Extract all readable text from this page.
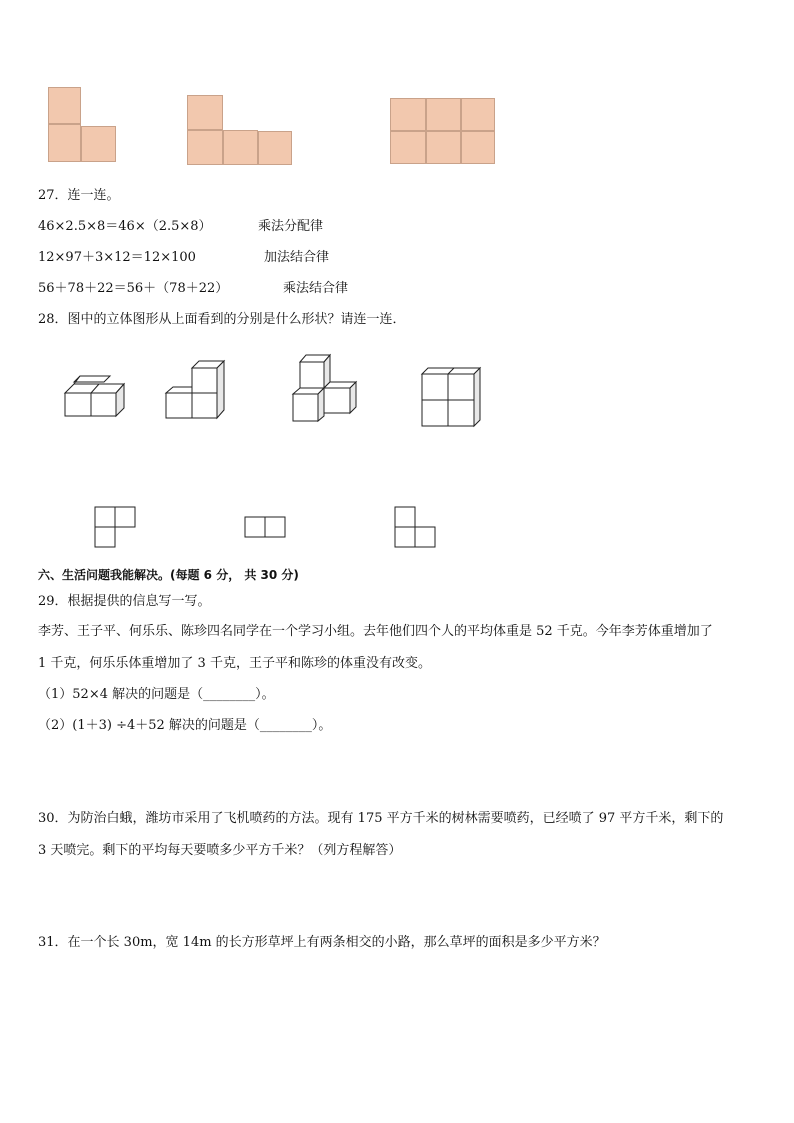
27．连一连。
46×2.5×8＝46×（2.5×8）	乘法分配律
12×97＋3×12＝12×100	加法结合律
56＋78＋22＝56＋（78＋22）	乘法结合律
28．图中的立体图形从上面看到的分别是什么形状？请连一连．
六、生活问题我能解决。(每题 6 分， 共 30 分)
29．根据提供的信息写一写。
李芳、王子平、何乐乐、陈珍四名同学在一个学习小组。去年他们四个人的平均体重是 52 千克。今年李芳体重增加了
1 千克，何乐乐体重增加了 3 千克，王子平和陈珍的体重没有改变。
（1）52×4 解决的问题是（________）。
（2）(1＋3) ÷4＋52 解决的问题是（________）。
30．为防治白蛾，潍坊市采用了飞机喷药的方法。现有 175 平方千米的树林需要喷药，已经喷了 97 平方千米，剩下的
3 天喷完。剩下的平均每天要喷多少平方千米？（列方程解答）
31．在一个长 30m，宽 14m 的长方形草坪上有两条相交的小路，那么草坪的面积是多少平方米？
